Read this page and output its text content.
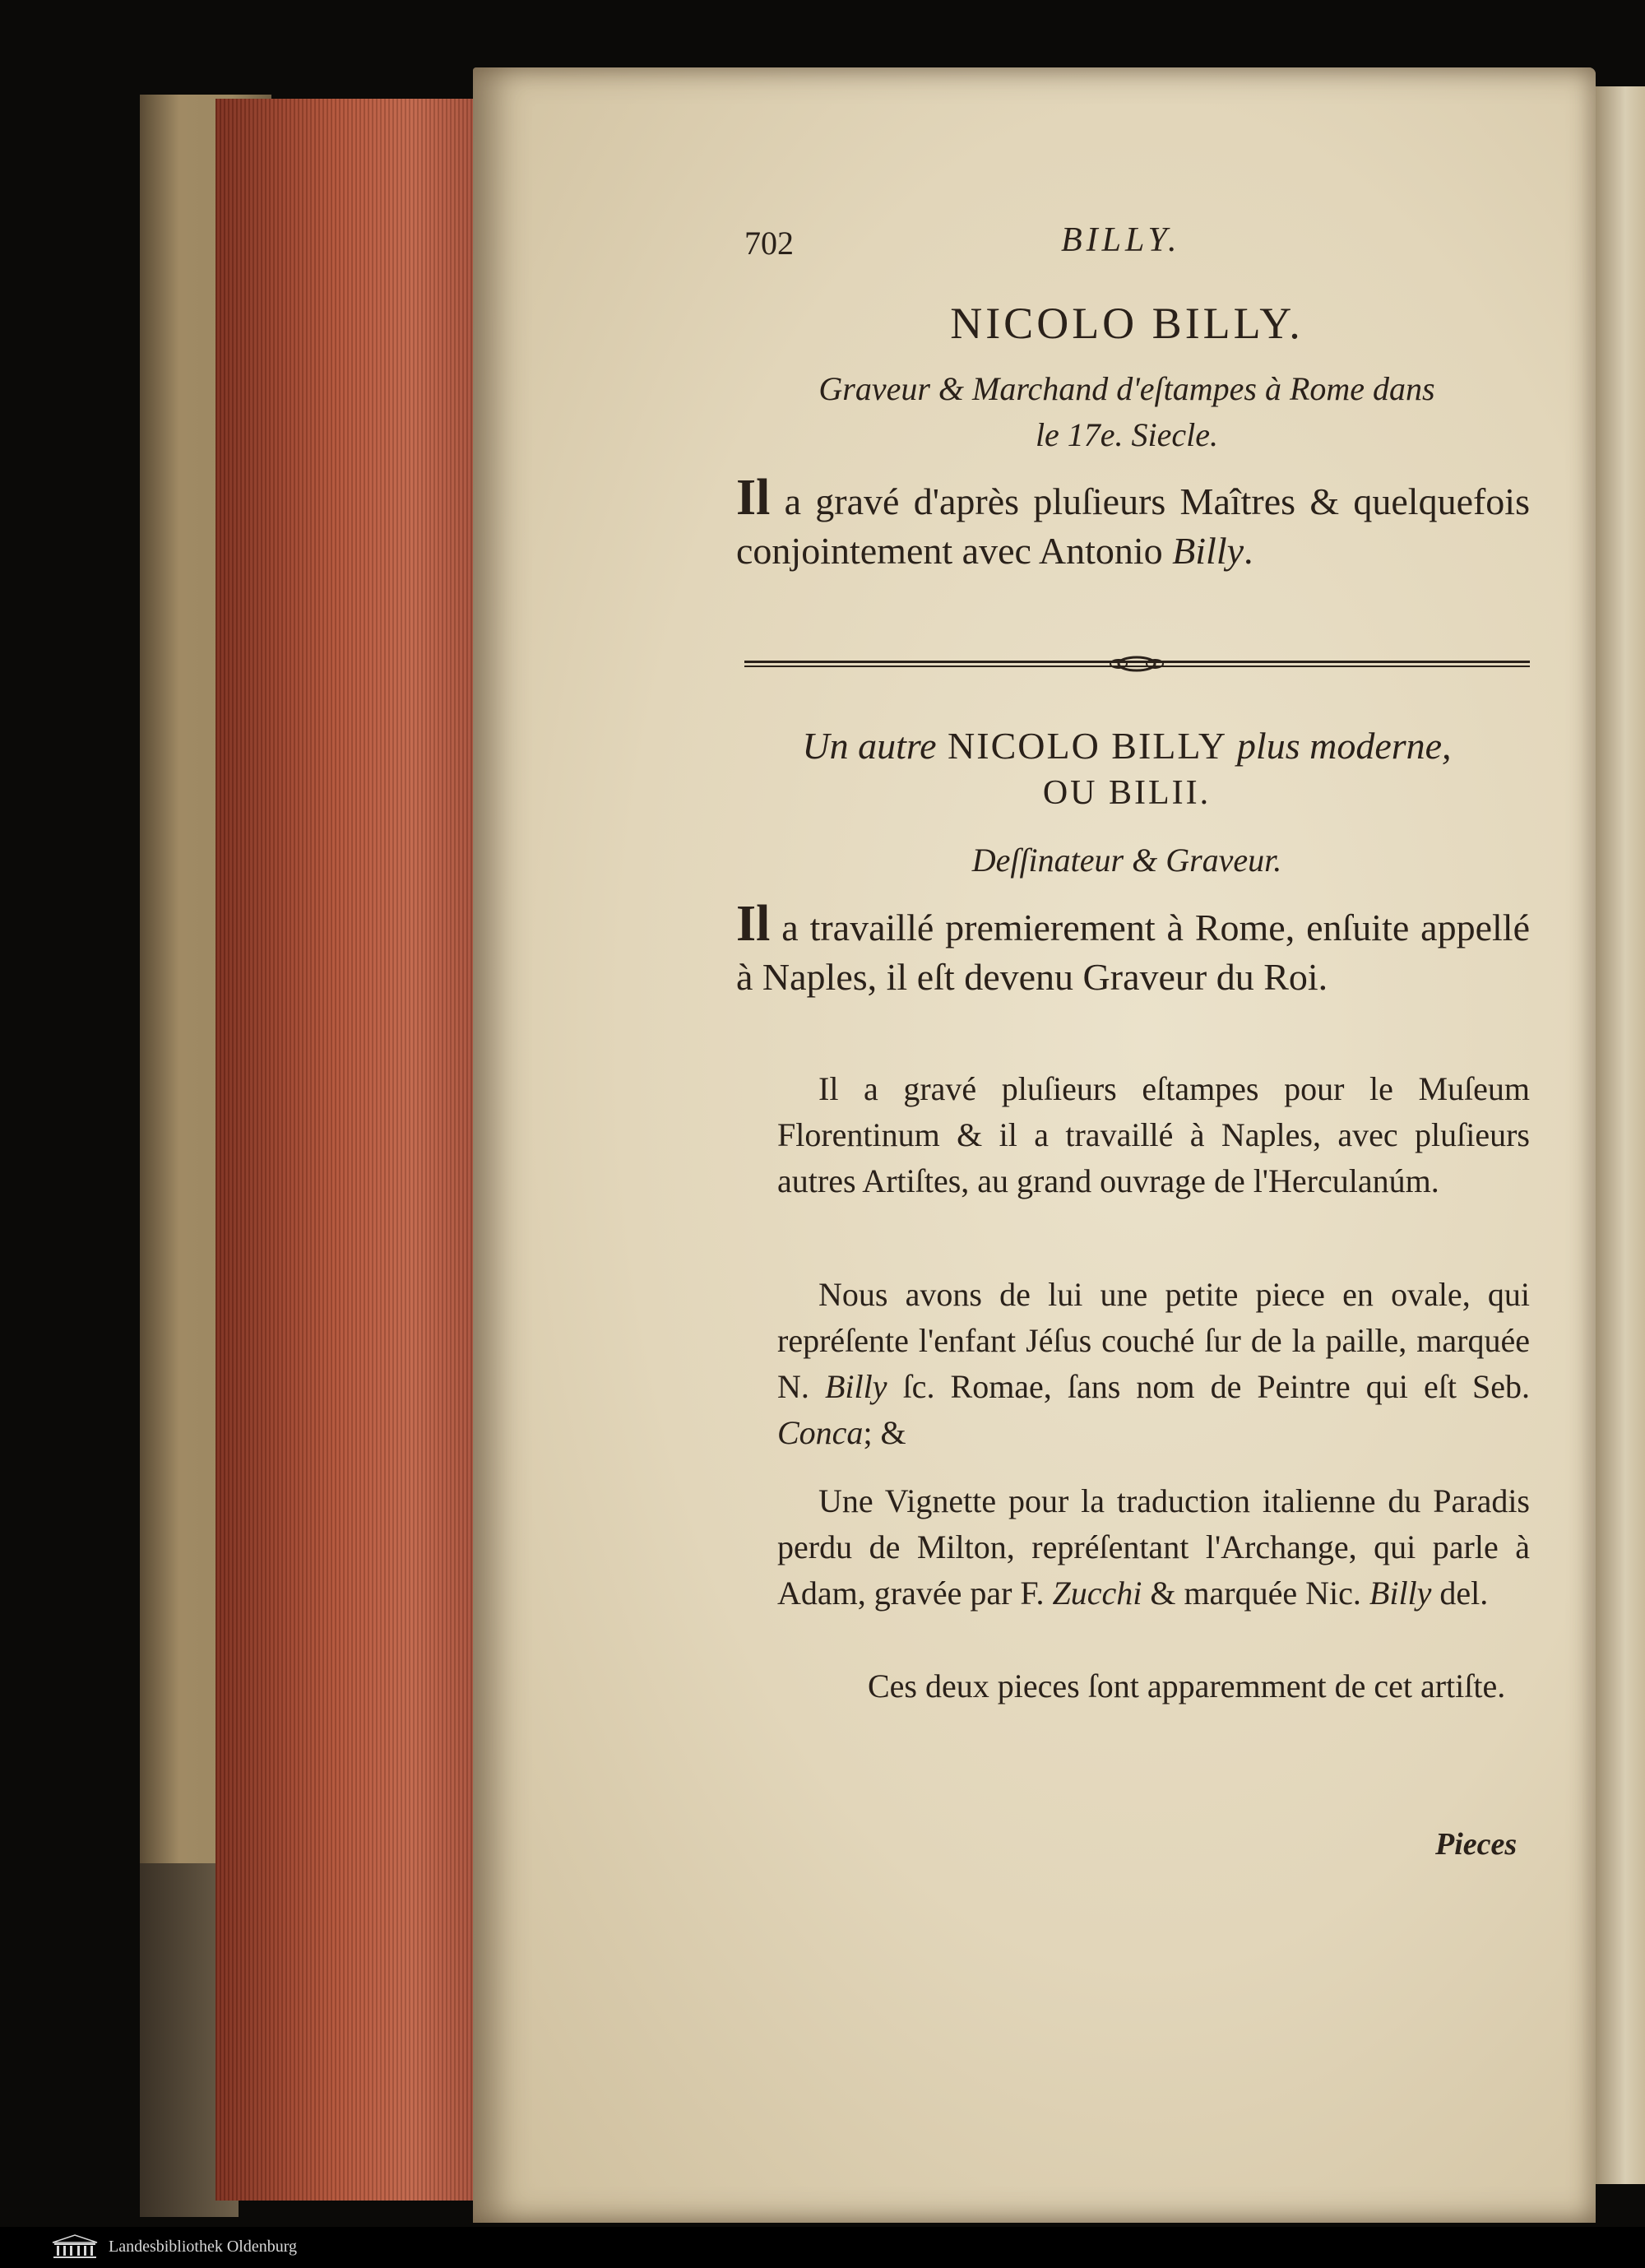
702	BILLY.
NICOLO BILLY.
Graveur & Marchand d'eſtampes à Rome dans
le 17e. Siecle.
Il a gravé d'après pluſieurs Maîtres & quelquefois conjointement avec Antonio Billy.
Un autre NICOLO BILLY plus moderne,
OU BILII.
Deſſinateur & Graveur.
Il a travaillé premierement à Rome, enſuite appellé à Naples, il eſt devenu Graveur du Roi.
Il a gravé pluſieurs eſtampes pour le Muſeum Florentinum & il a travaillé à Naples, avec pluſieurs autres Artiſtes, au grand ouvrage de l'Herculanúm.
Nous avons de lui une petite piece en ovale, qui repréſente l'enfant Jéſus couché ſur de la paille, marquée N. Billy ſc. Romae, ſans nom de Peintre qui eſt Seb. Conca; &
Une Vignette pour la traduction italienne du Paradis perdu de Milton, repréſentant l'Archange, qui parle à Adam, gravée par F. Zucchi & marquée Nic. Billy del.
Ces deux pieces ſont apparemment de cet artiſte.
Pieces
Landesbibliothek Oldenburg
